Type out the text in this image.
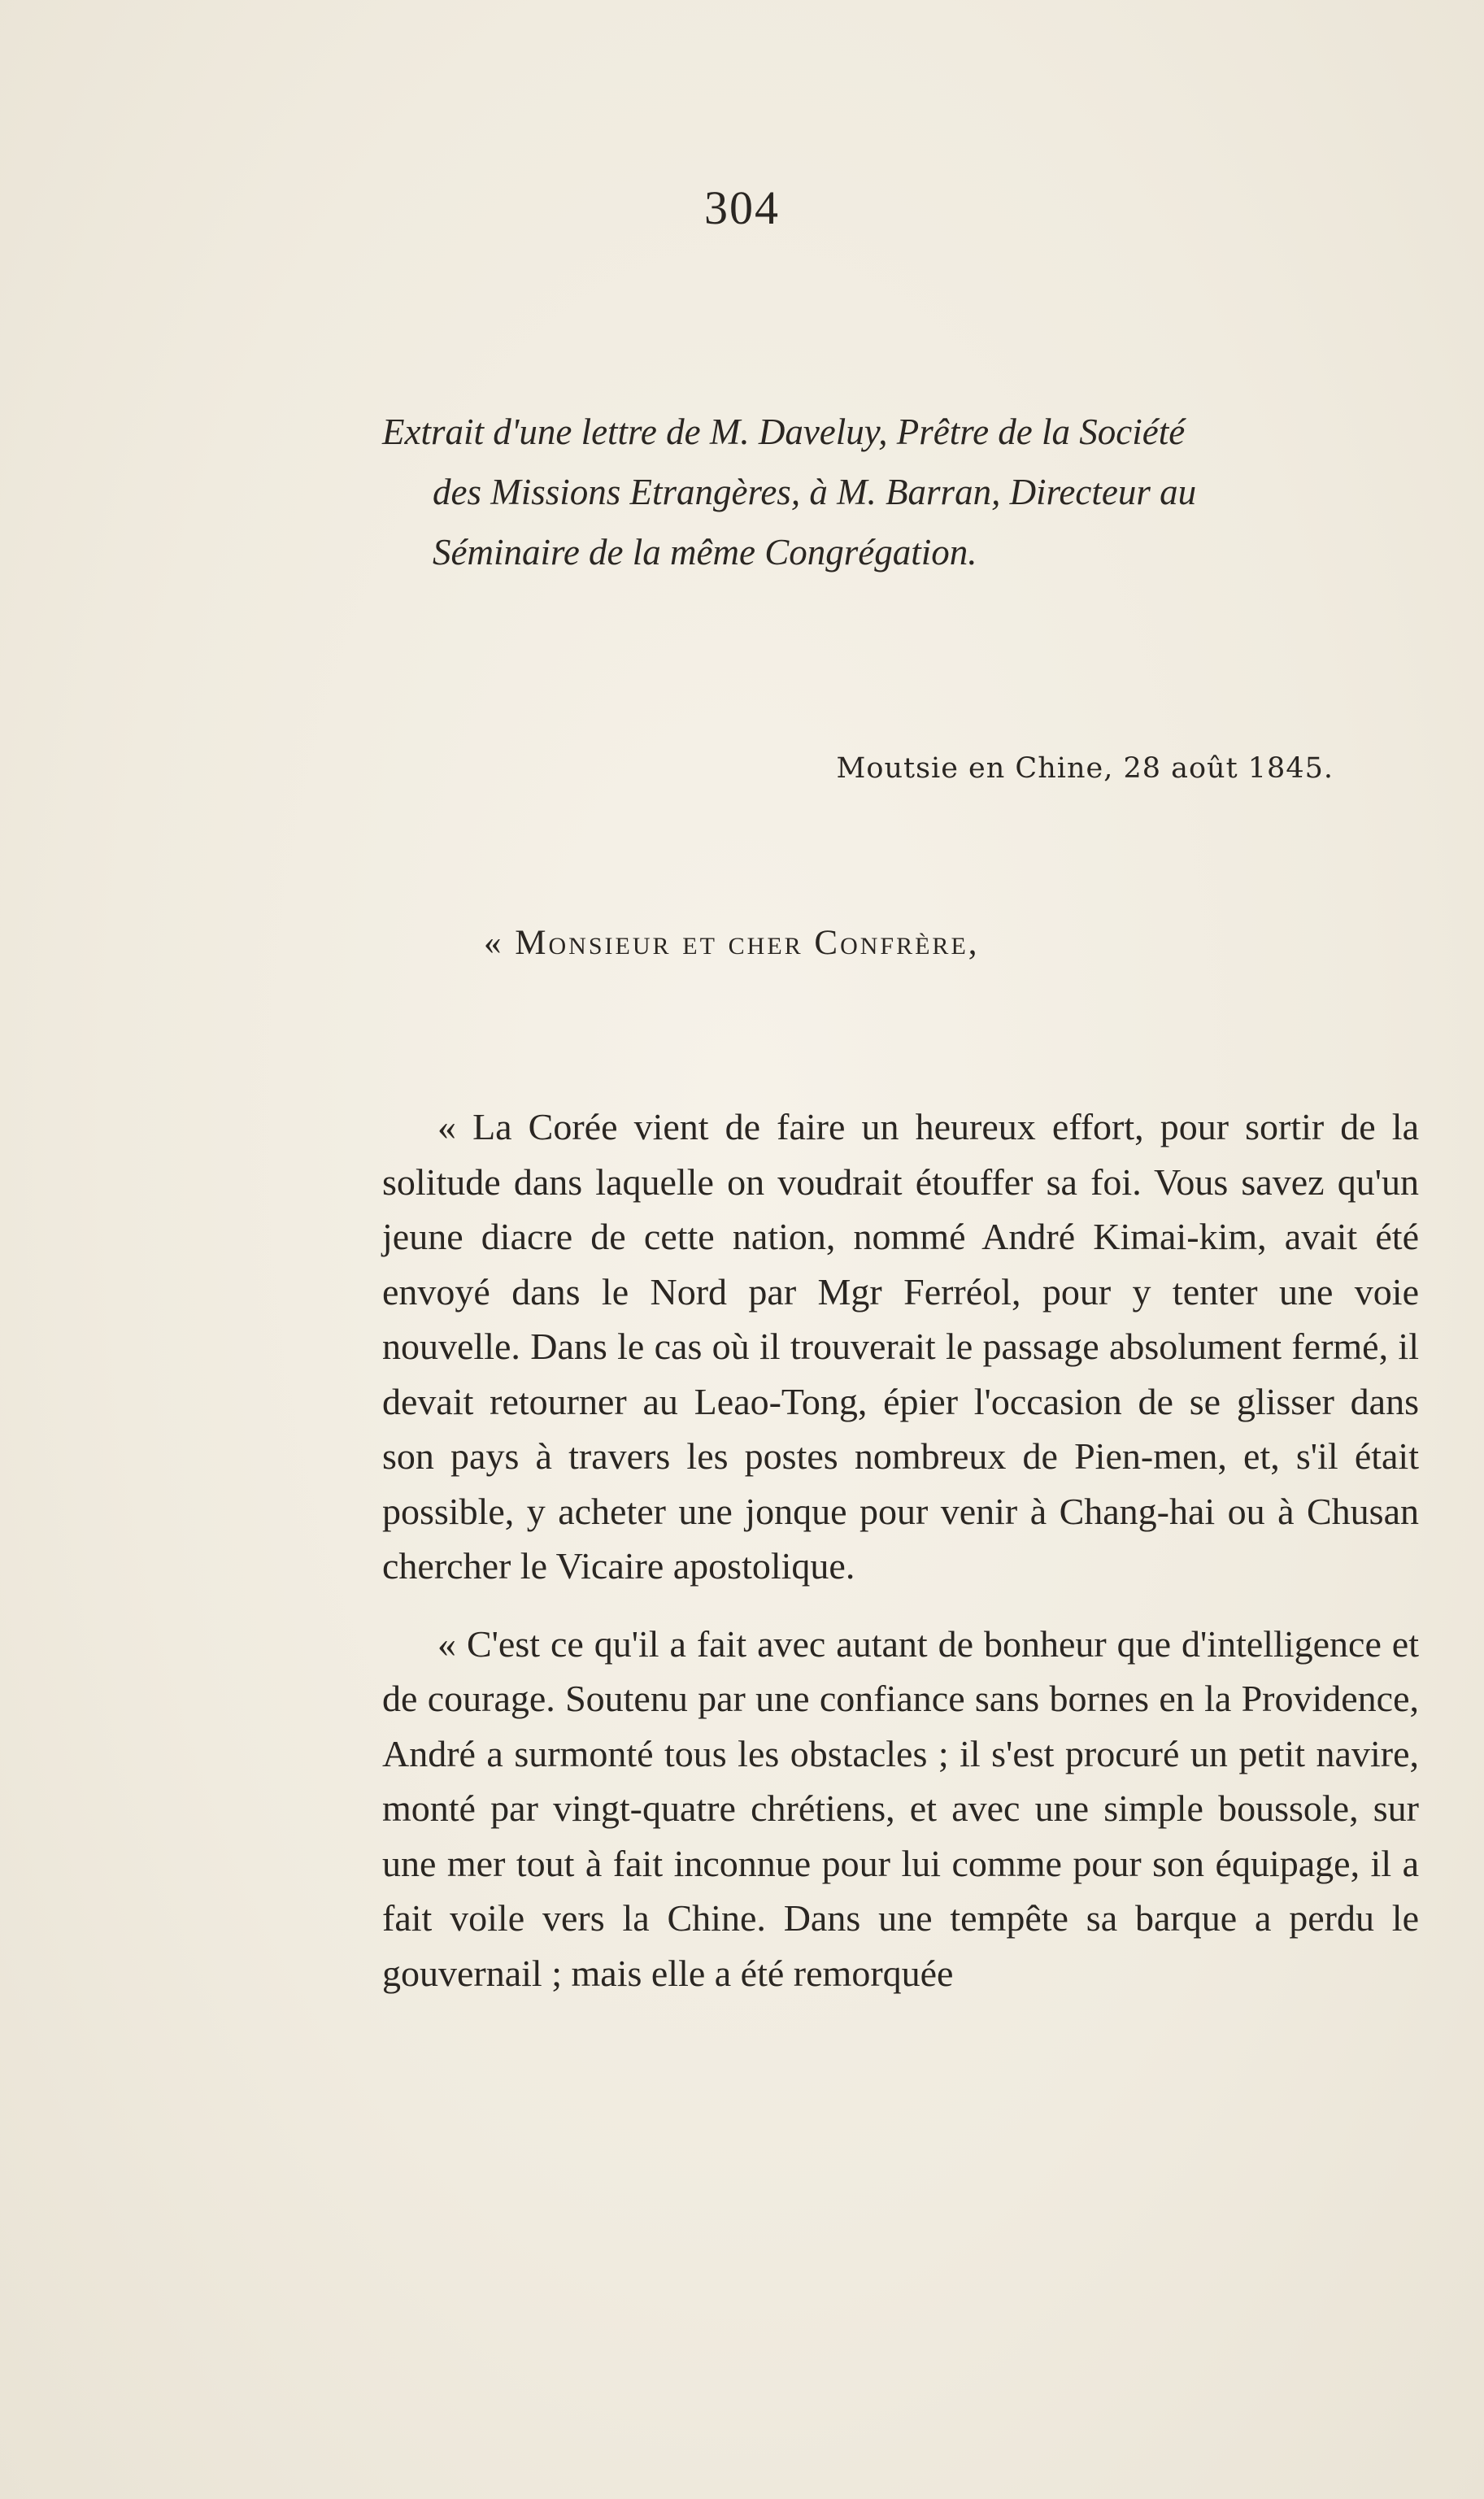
304

Extrait d'une lettre de M. Daveluy, Prêtre de la Société

des Missions Etrangères, à M. Barran, Directeur au

Séminaire de la même Congrégation.

Moutsie en Chine, 28 août 1845.

« Monsieur et cher Confrère,

« La Corée vient de faire un heureux effort, pour sortir de la solitude dans laquelle on voudrait étouffer sa foi. Vous savez qu'un jeune diacre de cette nation, nommé André Kimai-kim, avait été envoyé dans le Nord par Mgr Ferréol, pour y tenter une voie nouvelle. Dans le cas où il trouverait le passage absolument fermé, il devait retourner au Leao-Tong, épier l'occasion de se glisser dans son pays à travers les postes nombreux de Pien-men, et, s'il était possible, y acheter une jonque pour venir à Chang-hai ou à Chusan chercher le Vicaire apostolique.

« C'est ce qu'il a fait avec autant de bonheur que d'intelligence et de courage. Soutenu par une confiance sans bornes en la Providence, André a surmonté tous les obstacles ; il s'est procuré un petit navire, monté par vingt-quatre chrétiens, et avec une simple boussole, sur une mer tout à fait inconnue pour lui comme pour son équipage, il a fait voile vers la Chine. Dans une tempête sa barque a perdu le gouvernail ; mais elle a été remorquée
